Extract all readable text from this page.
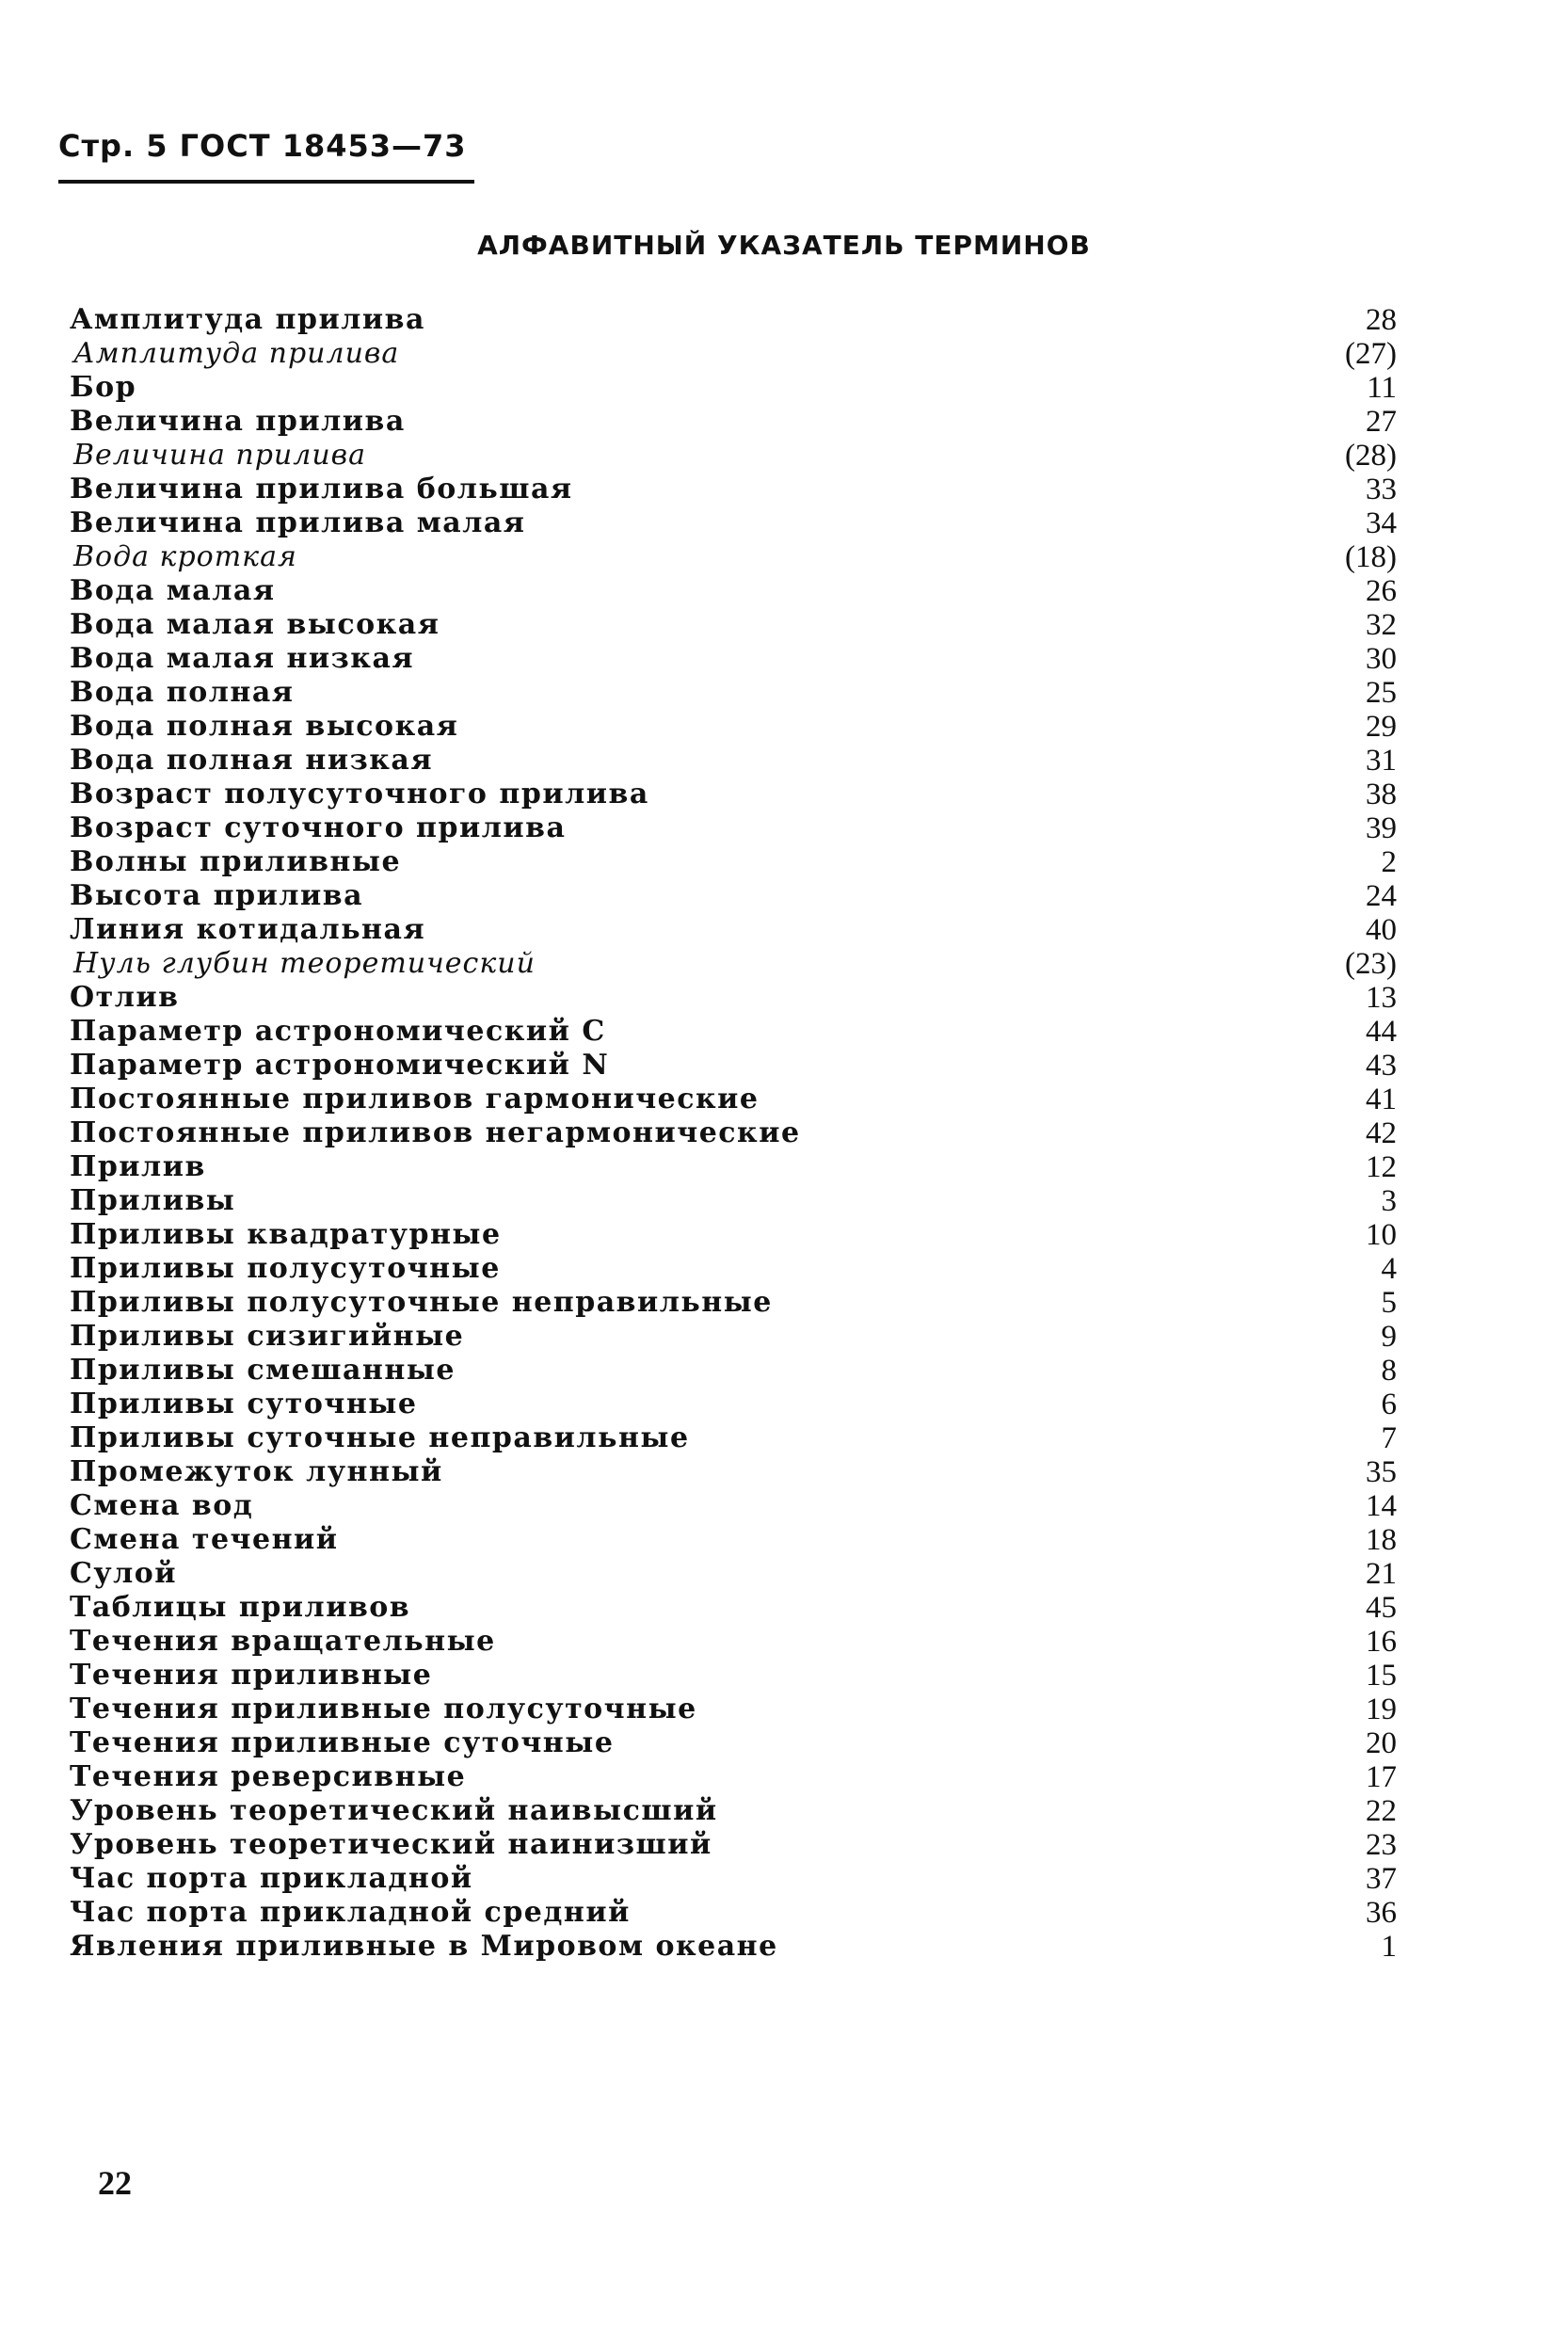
Стр. 5 ГОСТ 18453—73
АЛФАВИТНЫЙ УКАЗАТЕЛЬ ТЕРМИНОВ
Амплитуда прилива	28
Амплитуда прилива	(27)
Бор	11
Величина прилива	27
Величина прилива	(28)
Величина прилива большая	33
Величина прилива малая	34
Вода кроткая	(18)
Вода малая	26
Вода малая высокая	32
Вода малая низкая	30
Вода полная	25
Вода полная высокая	29
Вода полная низкая	31
Возраст полусуточного прилива	38
Возраст суточного прилива	39
Волны приливные	2
Высота прилива	24
Линия котидальная	40
Нуль глубин теоретический	(23)
Отлив	13
Параметр астрономический C	44
Параметр астрономический N	43
Постоянные приливов гармонические	41
Постоянные приливов негармонические	42
Прилив	12
Приливы	3
Приливы квадратурные	10
Приливы полусуточные	4
Приливы полусуточные неправильные	5
Приливы сизигийные	9
Приливы смешанные	8
Приливы суточные	6
Приливы суточные неправильные	7
Промежуток лунный	35
Смена вод	14
Смена течений	18
Сулой	21
Таблицы приливов	45
Течения вращательные	16
Течения приливные	15
Течения приливные полусуточные	19
Течения приливные суточные	20
Течения реверсивные	17
Уровень теоретический наивысший	22
Уровень теоретический наинизший	23
Час порта прикладной	37
Час порта прикладной средний	36
Явления приливные в Мировом океане	1
22
